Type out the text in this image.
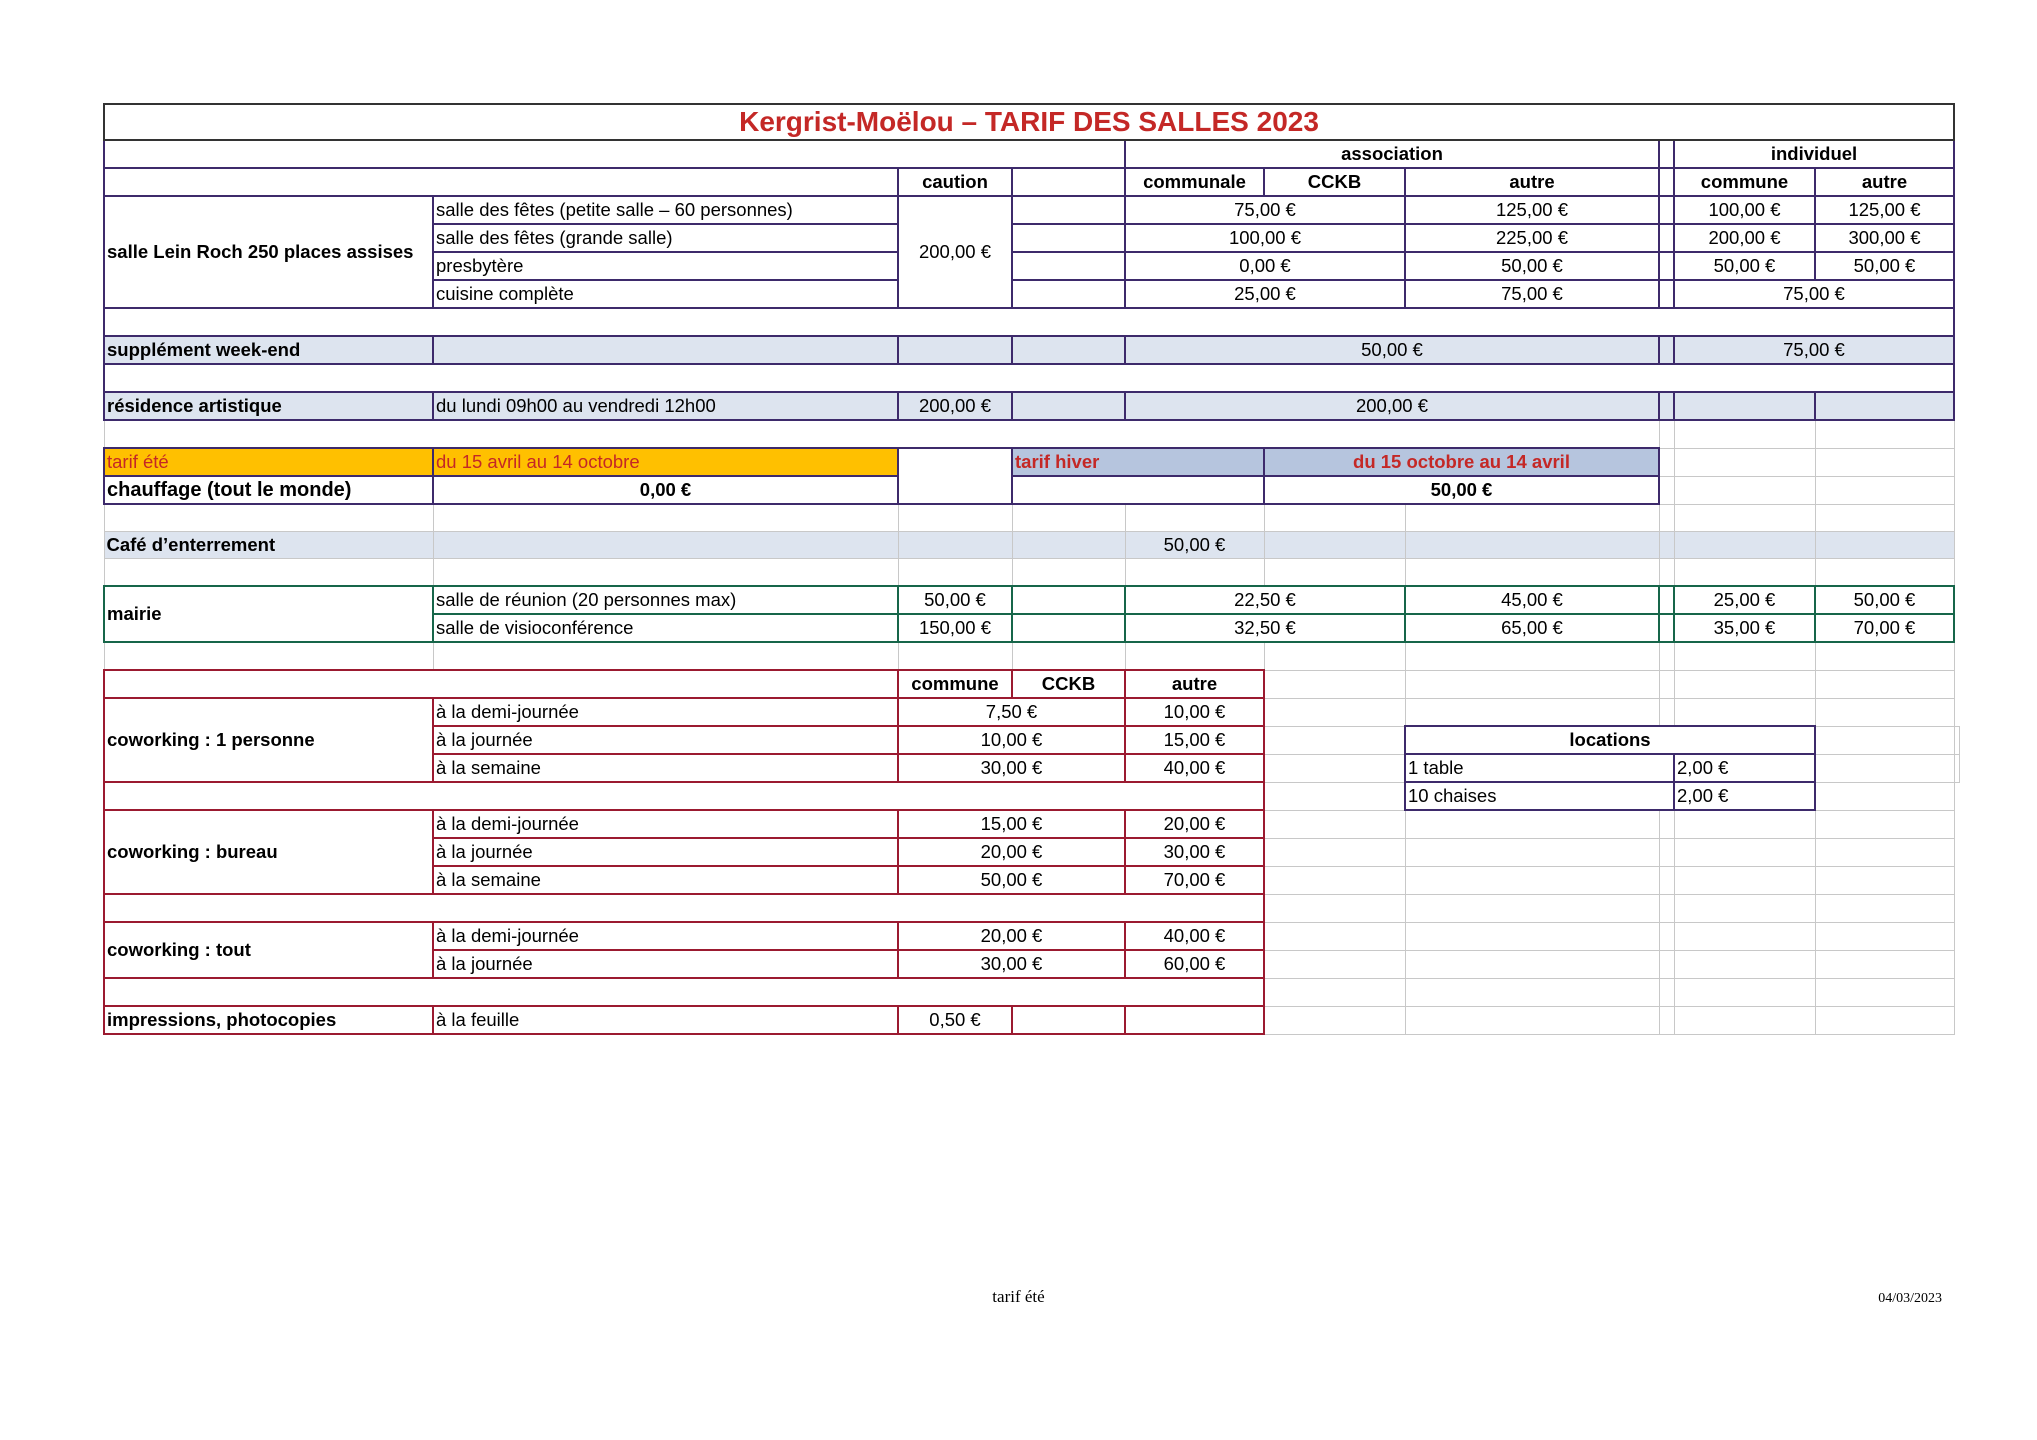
Kergrist-Moëlou – TARIF DES SALLES 2023										
				association				individuel		
		caution		communale	CCKB	autre		commune	autre	
salle Lein Roch 250 places assises	salle des fêtes (petite salle – 60 personnes)	200,00 €		75,00 €		125,00 €		100,00 €	125,00 €	
	salle des fêtes (grande salle)			100,00 €		225,00 €		200,00 €	300,00 €	
	presbytère			0,00 €		50,00 €		50,00 €	50,00 €	
	cuisine complète			25,00 €		75,00 €		75,00 €		

supplément week-end				50,00 €				75,00 €		

résidence artistique	du lundi 09h00 au vendredi 12h00	200,00 €		200,00 €						

tarif été	du 15 avril au 14 octobre		tarif hiver		du 15 octobre au 14 avril					
chauffage (tout le monde)	0,00 €				50,00 €					

Café d’enterrement				50,00 €						

mairie	salle de réunion (20 personnes max)	50,00 €		22,50 €		45,00 €		25,00 €	50,00 €	
	salle de visioconférence	150,00 €		32,50 €		65,00 €		35,00 €	70,00 €	

		commune	CCKB	autre						
coworking : 1 personne	à la demi-journée	7,50 €		10,00 €						
	à la journée	10,00 €		15,00 €		locations				
	à la semaine	30,00 €		40,00 €		1 table		2,00 €		
						10 chaises		2,00 €		
coworking : bureau	à la demi-journée	15,00 €		20,00 €						
	à la journée	20,00 €		30,00 €						
	à la semaine	50,00 €		70,00 €						

coworking : tout	à la demi-journée	20,00 €		40,00 €						
	à la journée	30,00 €		60,00 €						

impressions, photocopies	à la feuille	0,50 €								
tarif été	04/03/2023
